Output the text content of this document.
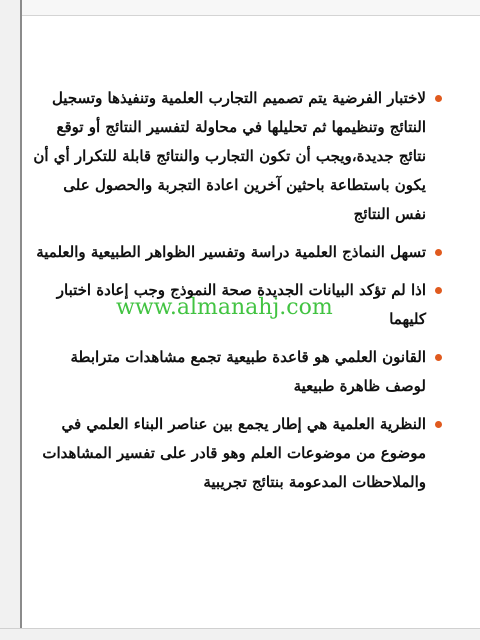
لاختبار الفرضية يتم تصميم التجارب العلمية وتنفيذها وتسجيل النتائج وتنظيمها ثم تحليلها في محاولة لتفسير النتائج أو توقع نتائج جديدة،ويجب أن تكون التجارب والنتائج قابلة للتكرار أي أن يكون باستطاعة باحثين آخرين اعادة التجربة والحصول على نفس النتائج
تسهل النماذج العلمية دراسة وتفسير الظواهر الطبيعية والعلمية
اذا لم تؤكد البيانات الجديدة صحة النموذج وجب إعادة اختبار كليهما
القانون العلمي هو قاعدة طبيعية تجمع مشاهدات مترابطة لوصف ظاهرة طبيعية
النظرية العلمية هي إطار يجمع بين عناصر البناء العلمي في موضوع من موضوعات العلم وهو قادر على تفسير المشاهدات والملاحظات المدعومة بنتائج تجريبية
www.almanahj.com
